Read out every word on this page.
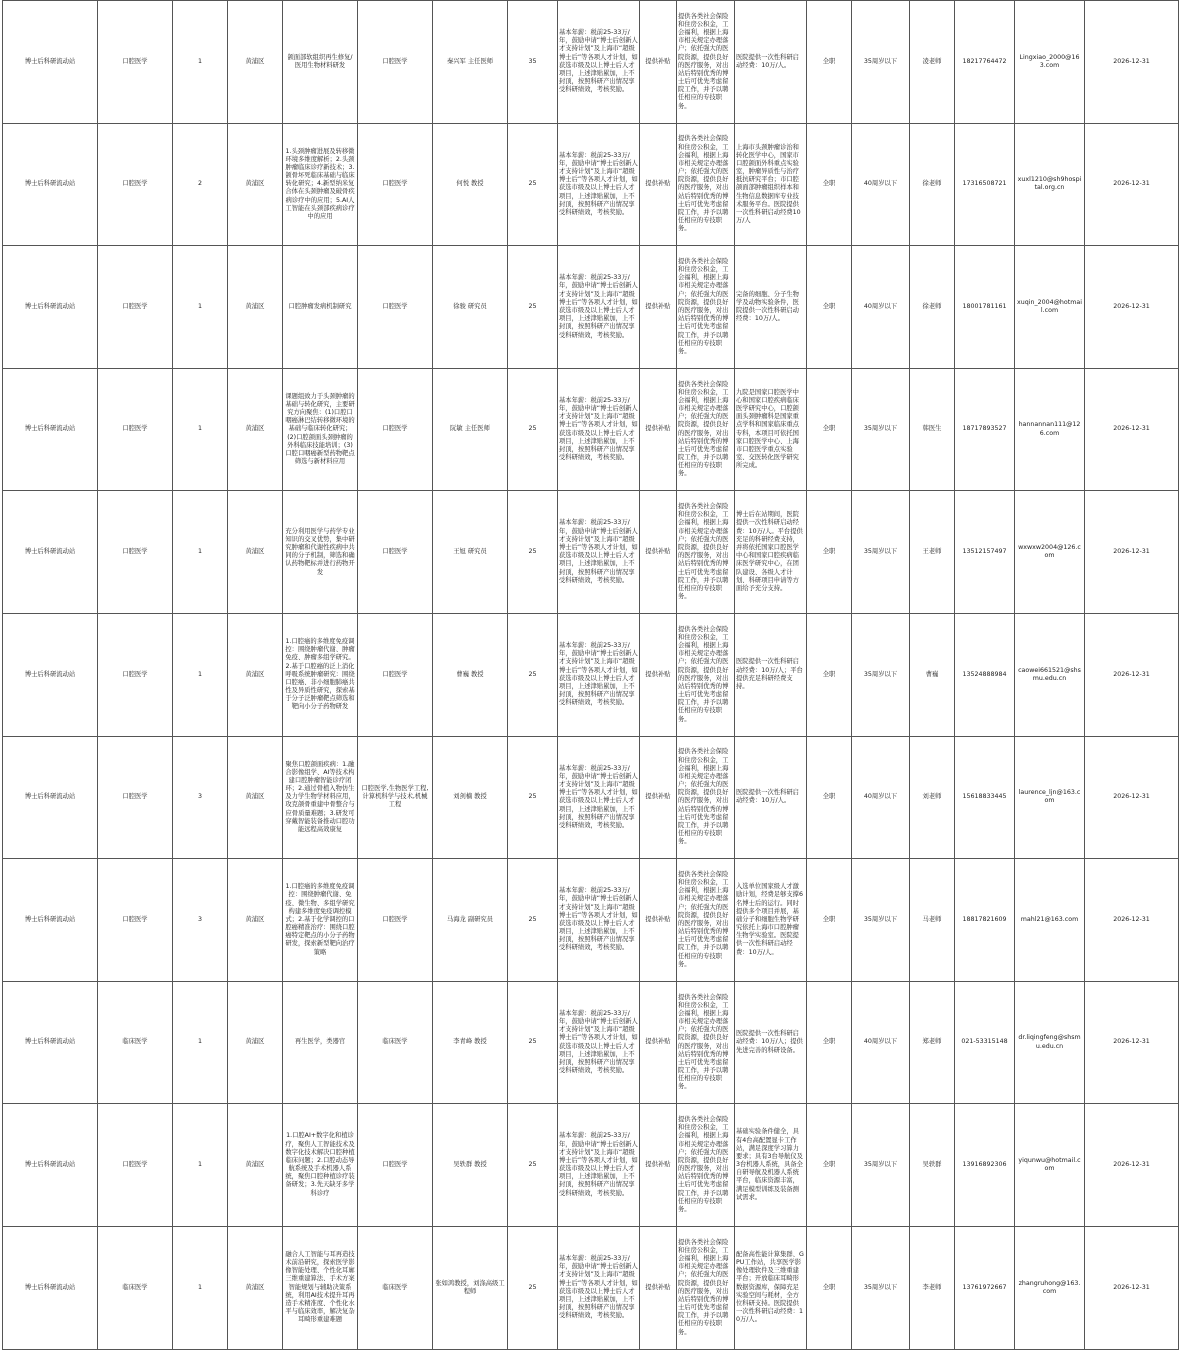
博士后科研流动站	口腔医学	1	黄浦区	颌面部软组织再生修复/医用生物材料研发	口腔医学	秦兴军 主任医师	35	基本年薪：税前25-33万/年，鼓励申请“博士后创新人才支持计划”及上海市“超级博士后”等各项人才计划，如获选市级及以上博士后人才项目，上述津贴累加，上不封顶，按照科研产出情况享受科研绩效，考核奖励。	提供补贴	提供各类社会保险和住房公积金，工会福利，根据上海市相关规定办理落户；依托强大的医院资源，提供良好的医疗服务，对出站后特别优秀的博士后可优先考虑留院工作，并予以聘任相应的专技职务。	医院提供一次性科研启动经费：10万/人。	全职	35周岁以下	凌老师	18217764472	Lingxiao_2000@163.com	2026-12-31
博士后科研流动站	口腔医学	2	黄浦区	1.头颈肿瘤进展及转移微环境多维度解析；2.头颈肿瘤临床诊疗新技术；3.颌骨坏死临床基础与临床转化研究；4.新型纳米复合体在头颈肿瘤及破骨疾病诊疗中的应用；5.AI人工智能在头颈部疾病诊疗中的应用	口腔医学	何悦 教授	25	基本年薪：税前25-33万/年，鼓励申请“博士后创新人才支持计划”及上海市“超级博士后”等各项人才计划，如获选市级及以上博士后人才项目，上述津贴累加，上不封顶，按照科研产出情况享受科研绩效，考核奖励。	提供补贴	提供各类社会保险和住房公积金，工会福利，根据上海市相关规定办理落户；依托强大的医院资源，提供良好的医疗服务，对出站后特别优秀的博士后可优先考虑留院工作，并予以聘任相应的专技职务。	上海市头颈肿瘤诊治和转化医学中心，国家市口腔颌面外科重点实验室，肿瘤异质性与治疗抵抗研究平台；市口腔颌面部肿瘤组织样本和生物信息数据库专业技术服务平台。医院提供一次性科研启动经费10万/人	全职	40周岁以下	徐老师	17316508721	xuxl1210@sh9hospital.org.cn	2026-12-31
博士后科研流动站	口腔医学	1	黄浦区	口腔肿瘤发病机制研究	口腔医学	徐骏 研究员	25	基本年薪：税前25-33万/年，鼓励申请“博士后创新人才支持计划”及上海市“超级博士后”等各项人才计划，如获选市级及以上博士后人才项目，上述津贴累加，上不封顶，按照科研产出情况享受科研绩效，考核奖励。	提供补贴	提供各类社会保险和住房公积金，工会福利，根据上海市相关规定办理落户；依托强大的医院资源，提供良好的医疗服务，对出站后特别优秀的博士后可优先考虑留院工作，并予以聘任相应的专技职务。	完备的细胞、分子生物学及动物实验条件，医院提供一次性科研启动经费：10万/人。	全职	40周岁以下	徐老师	18001781161	xuqin_2004@hotmail.com	2026-12-31
博士后科研流动站	口腔医学	1	黄浦区	课题组致力于头颈肿瘤的基础与转化研究，主要研究方向聚焦：(1)口腔口咽癌淋巴结转移微环境的基础与临床转化研究；(2)口腔颌面头颈肿瘤的外科临床技能培训；(3)口腔口咽癌新型药物靶点筛选与新材料应用	口腔医学	阮敏 主任医师	25	基本年薪：税前25-33万/年，鼓励申请“博士后创新人才支持计划”及上海市“超级博士后”等各项人才计划，如获选市级及以上博士后人才项目，上述津贴累加，上不封顶，按照科研产出情况享受科研绩效，考核奖励。	提供补贴	提供各类社会保险和住房公积金，工会福利，根据上海市相关规定办理落户；依托强大的医院资源，提供良好的医疗服务，对出站后特别优秀的博士后可优先考虑留院工作，并予以聘任相应的专技职务。	九院是国家口腔医学中心和国家口腔疾病临床医学研究中心，口腔颌面头颈肿瘤科是国家重点学科和国家临床重点专科，本项目可依托国家口腔医学中心、上海市口腔医学重点实验室、交医转化医学研究所完成。	全职	35周岁以下	韩医生	18717893527	hannannan111@126.com	2026-12-31
博士后科研流动站	口腔医学	1	黄浦区	充分利用医学与药学专业知识的交叉优势，集中研究肿瘤和代谢性疾病中共同的分子机制，筛选和确认药物靶标并进行药物开发	口腔医学	王旭 研究员	25	基本年薪：税前25-33万/年，鼓励申请“博士后创新人才支持计划”及上海市“超级博士后”等各项人才计划，如获选市级及以上博士后人才项目，上述津贴累加，上不封顶，按照科研产出情况享受科研绩效，考核奖励。	提供补贴	提供各类社会保险和住房公积金，工会福利，根据上海市相关规定办理落户；依托强大的医院资源，提供良好的医疗服务，对出站后特别优秀的博士后可优先考虑留院工作，并予以聘任相应的专技职务。	博士后在站期间，医院提供一次性科研启动经费：10万/人。平台提供充足的科研经费支持，并将依托国家口腔医学中心和国家口腔疾病临床医学研究中心，在团队建设、各级人才计划、科研项目申请等方面给予充分支持。	全职	35周岁以下	王老师	13512157497	wxwxw2004@126.com	2026-12-31
博士后科研流动站	口腔医学	1	黄浦区	1.口腔癌的多维度免疫调控：围绕肿瘤代谢、肿瘤免疫、肿瘤多组学研究。2.基于口腔癌的泛上消化呼吸系统肿瘤研究：围绕口腔癌、非小细胞肺癌共性及异质性研究，探索基于分子泛肿瘤靶点筛选和靶向小分子药物研发	口腔医学	曹巍 教授	25	基本年薪：税前25-33万/年，鼓励申请“博士后创新人才支持计划”及上海市“超级博士后”等各项人才计划，如获选市级及以上博士后人才项目，上述津贴累加，上不封顶，按照科研产出情况享受科研绩效，考核奖励。	提供补贴	提供各类社会保险和住房公积金，工会福利，根据上海市相关规定办理落户；依托强大的医院资源，提供良好的医疗服务，对出站后特别优秀的博士后可优先考虑留院工作，并予以聘任相应的专技职务。	医院提供一次性科研启动经费：10万/人；平台提供充足科研经费支持。	全职	35周岁以下	曹巍	13524888984	caowei661521@shsmu.edu.cn	2026-12-31
博士后科研流动站	口腔医学	3	黄浦区	聚焦口腔颌面疾病：1.融合影像组学、AI等技术构建口腔肿瘤智能诊疗闭环；2.通过骨植入物仿生及力学生物学材料应用，攻克颌骨重建中骨整合与应骨质量难题；3.研发可穿戴智能装备推动口腔功能远程高效康复	口腔医学,生物医学工程,计算机科学与技术,机械工程	刘剑楠 教授	25	基本年薪：税前25-33万/年，鼓励申请“博士后创新人才支持计划”及上海市“超级博士后”等各项人才计划，如获选市级及以上博士后人才项目，上述津贴累加，上不封顶，按照科研产出情况享受科研绩效，考核奖励。	提供补贴	提供各类社会保险和住房公积金，工会福利，根据上海市相关规定办理落户；依托强大的医院资源，提供良好的医疗服务，对出站后特别优秀的博士后可优先考虑留院工作，并予以聘任相应的专技职务。	医院提供一次性科研启动经费：10万/人。	全职	40周岁以下	刘老师	15618833445	laurence_ljn@163.com	2026-12-31
博士后科研流动站	口腔医学	3	黄浦区	1.口腔癌的多维度免疫调控：围绕肿瘤代谢、免疫、微生物、多组学研究构建多维度免疫调控模式；2.基于化学调控的口腔癌精准治疗：围绕口腔癌特定靶点的小分子药物研发，探索新型靶向治疗策略	口腔医学	马海龙 副研究员	25	基本年薪：税前25-33万/年，鼓励申请“博士后创新人才支持计划”及上海市“超级博士后”等各项人才计划，如获选市级及以上博士后人才项目，上述津贴累加，上不封顶，按照科研产出情况享受科研绩效，考核奖励。	提供补贴	提供各类社会保险和住房公积金，工会福利，根据上海市相关规定办理落户；依托强大的医院资源，提供良好的医疗服务，对出站后特别优秀的博士后可优先考虑留院工作，并予以聘任相应的专技职务。	入选单位国家级人才激励计划，经费足够支撑6名博士后的运行。同时提供多个项目并展，基础分子和细胞生物学研究依托上海市口腔肿瘤生物学实验室。医院提供一次性科研启动经费：10万/人。	全职	35周岁以下	马老师	18817821609	mahl21@163.com	2026-12-31
博士后科研流动站	临床医学	1	黄浦区	再生医学，类器官	临床医学	李青峰 教授	25	基本年薪：税前25-33万/年，鼓励申请“博士后创新人才支持计划”及上海市“超级博士后”等各项人才计划，如获选市级及以上博士后人才项目，上述津贴累加，上不封顶，按照科研产出情况享受科研绩效，考核奖励。	提供补贴	提供各类社会保险和住房公积金，工会福利，根据上海市相关规定办理落户；依托强大的医院资源，提供良好的医疗服务，对出站后特别优秀的博士后可优先考虑留院工作，并予以聘任相应的专技职务。	医院提供一次性科研启动经费：10万/人；提供先进完善的科研设备。	全职	40周岁以下	郑老师	021-53315148	dr.liqingfeng@shsmu.edu.cn	2026-12-31
博士后科研流动站	口腔医学	1	黄浦区	1.口腔AI+数字化和植诊疗，聚焦人工智能技术及数字化技术解决口腔种植临床问题；2.口腔动态导航系统及手术机器人系统，聚焦口腔种植诊疗装备研发；3.先天缺牙多学科诊疗	口腔医学	吴轶群 教授	25	基本年薪：税前25-33万/年，鼓励申请“博士后创新人才支持计划”及上海市“超级博士后”等各项人才计划，如获选市级及以上博士后人才项目，上述津贴累加，上不封顶，按照科研产出情况享受科研绩效，考核奖励。	提供补贴	提供各类社会保险和住房公积金，工会福利，根据上海市相关规定办理落户；依托强大的医院资源，提供良好的医疗服务，对出站后特别优秀的博士后可优先考虑留院工作，并予以聘任相应的专技职务。	基础实验条件健全，具有4台高配置显卡工作站，满足深度学习算力要求；具有3台导航仪及3台机器人系统，具备全自研导航及机器人系统平台，临床资源丰富，满足模型训练及装备测试需求。	全职	35周岁以下	吴轶群	13916892306	yiqunwu@hotmail.com	2026-12-31
博士后科研流动站	临床医学	1	黄浦区	融合人工智能与耳再造技术前沿研究，探索医学影像智能处理、个性化耳廓三维重建算法、手术方案智能规划与辅助决策系统，利用AI技术提升耳再造手术精准度、个性化水平与临床效率，解决复杂耳畸形重建难题	临床医学	张如鸿教授，刘涤高级工程师	25	基本年薪：税前25-33万/年，鼓励申请“博士后创新人才支持计划”及上海市“超级博士后”等各项人才计划，如获选市级及以上博士后人才项目，上述津贴累加，上不封顶，按照科研产出情况享受科研绩效，考核奖励。	提供补贴	提供各类社会保险和住房公积金，工会福利，根据上海市相关规定办理落户；依托强大的医院资源，提供良好的医疗服务，对出站后特别优秀的博士后可优先考虑留院工作，并予以聘任相应的专技职务。	配备高性能计算集群、GPU工作站，共享医学影像处理软件及三维重建平台；开放临床耳畸形数据资源库，保障充足实验空间与耗材，全方位科研支持。医院提供一次性科研启动经费：10万/人。	全职	35周岁以下	李老师	13761972667	zhangruhong@163.com	2026-12-31
